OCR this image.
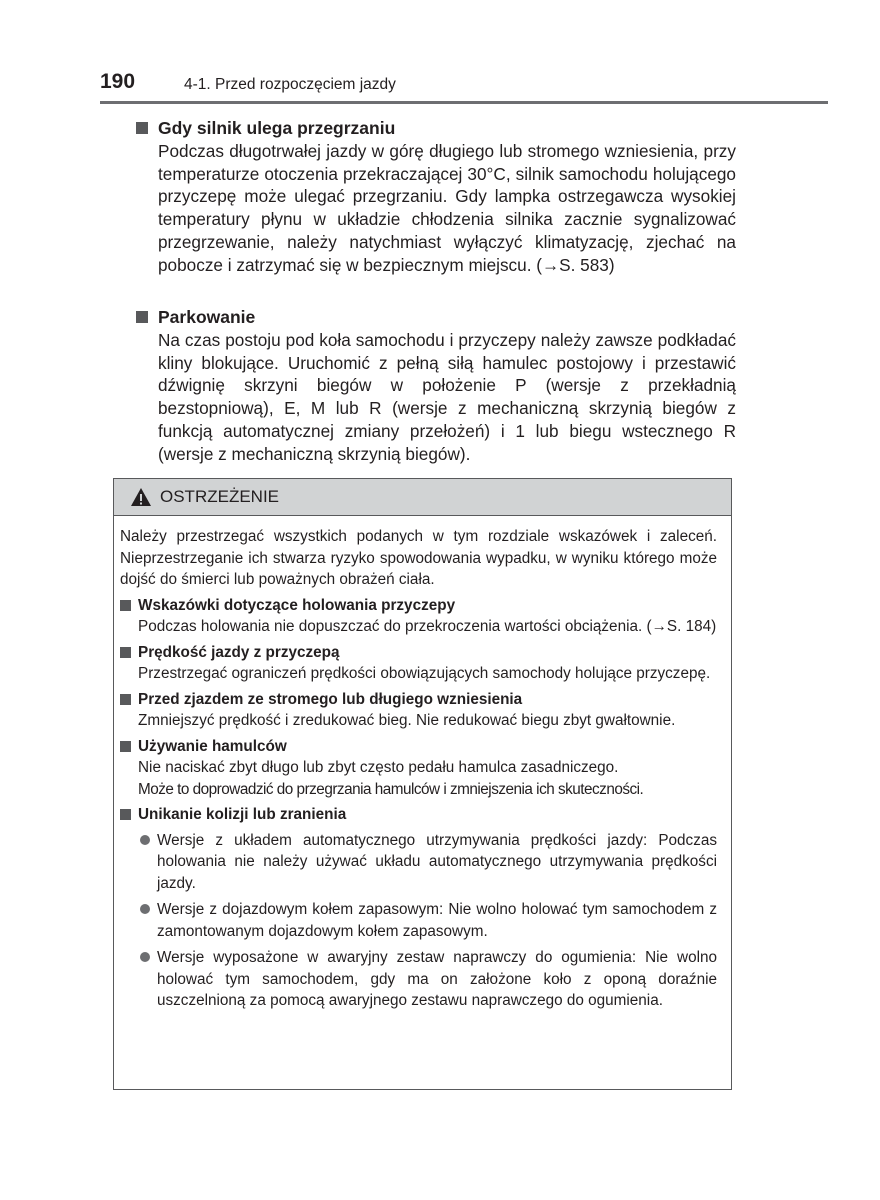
190	4-1. Przed rozpoczęciem jazdy
Gdy silnik ulega przegrzaniu
Podczas długotrwałej jazdy w górę długiego lub stromego wzniesienia, przy temperaturze otoczenia przekraczającej 30°C, silnik samochodu holującego przyczepę może ulegać przegrzaniu. Gdy lampka ostrzegawcza wysokiej temperatury płynu w układzie chłodzenia silnika zacznie sygnalizować przegrzewanie, należy natychmiast wyłączyć klimatyzację, zjechać na pobocze i zatrzymać się w bezpiecznym miejscu. (→S. 583)
Parkowanie
Na czas postoju pod koła samochodu i przyczepy należy zawsze podkładać kliny blokujące. Uruchomić z pełną siłą hamulec postojowy i przestawić dźwignię skrzyni biegów w położenie P (wersje z przekładnią bezstopniową), E, M lub R (wersje z mechaniczną skrzynią biegów z funkcją automatycznej zmiany przełożeń) i 1 lub biegu wstecznego R (wersje z mechaniczną skrzynią biegów).
OSTRZEŻENIE
Należy przestrzegać wszystkich podanych w tym rozdziale wskazówek i zaleceń. Nieprzestrzeganie ich stwarza ryzyko spowodowania wypadku, w wyniku którego może dojść do śmierci lub poważnych obrażeń ciała.
Wskazówki dotyczące holowania przyczepy
Podczas holowania nie dopuszczać do przekroczenia wartości obciążenia. (→S. 184)
Prędkość jazdy z przyczepą
Przestrzegać ograniczeń prędkości obowiązujących samochody holujące przyczepę.
Przed zjazdem ze stromego lub długiego wzniesienia
Zmniejszyć prędkość i zredukować bieg. Nie redukować biegu zbyt gwałtownie.
Używanie hamulców
Nie naciskać zbyt długo lub zbyt często pedału hamulca zasadniczego.
Może to doprowadzić do przegrzania hamulców i zmniejszenia ich skuteczności.
Unikanie kolizji lub zranienia
Wersje z układem automatycznego utrzymywania prędkości jazdy: Podczas holowania nie należy używać układu automatycznego utrzymywania prędkości jazdy.
Wersje z dojazdowym kołem zapasowym: Nie wolno holować tym samochodem z zamontowanym dojazdowym kołem zapasowym.
Wersje wyposażone w awaryjny zestaw naprawczy do ogumienia: Nie wolno holować tym samochodem, gdy ma on założone koło z oponą doraźnie uszczelnioną za pomocą awaryjnego zestawu naprawczego do ogumienia.
